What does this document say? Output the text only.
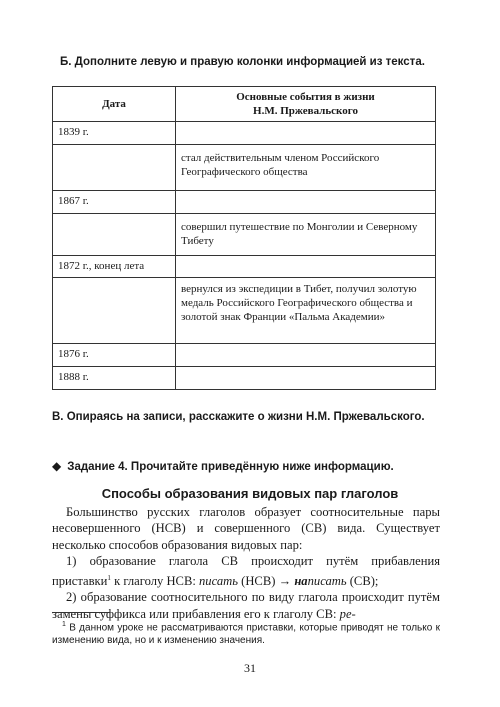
Б. Дополните левую и правую колонки информацией из текста.
Дата	Основные события в жизни
Н.М. Пржевальского
1839 г.	
	стал действительным членом Российского Географического общества
1867 г.	
	совершил путешествие по Монголии и Северному Тибету
1872 г., конец лета	
	вернулся из экспедиции в Тибет, получил золотую медаль Российского Географического общества и золотой знак Франции «Пальма Академии»
1876 г.	
1888 г.	
В. Опираясь на записи, расскажите о жизни Н.М. Пржевальского.
◆ Задание 4. Прочитайте приведённую ниже информацию.
Способы образования видовых пар глаголов

Большинство русских глаголов образует соотносительные пары несовершенного (НСВ) и совершенного (СВ) вида. Существует несколько способов образования видовых пар:

1) образование глагола СВ происходит путём прибавления приставки$^1$ к глаголу НСВ: писать (НСВ) → написать (СВ);

2) образование соотносительного по виду глагола происходит путём замены суффикса или прибавления его к глаголу СВ: ре-

$^1$ В данном уроке не рассматриваются приставки, которые приводят не только к изменению вида, но и к изменению значения.
31
